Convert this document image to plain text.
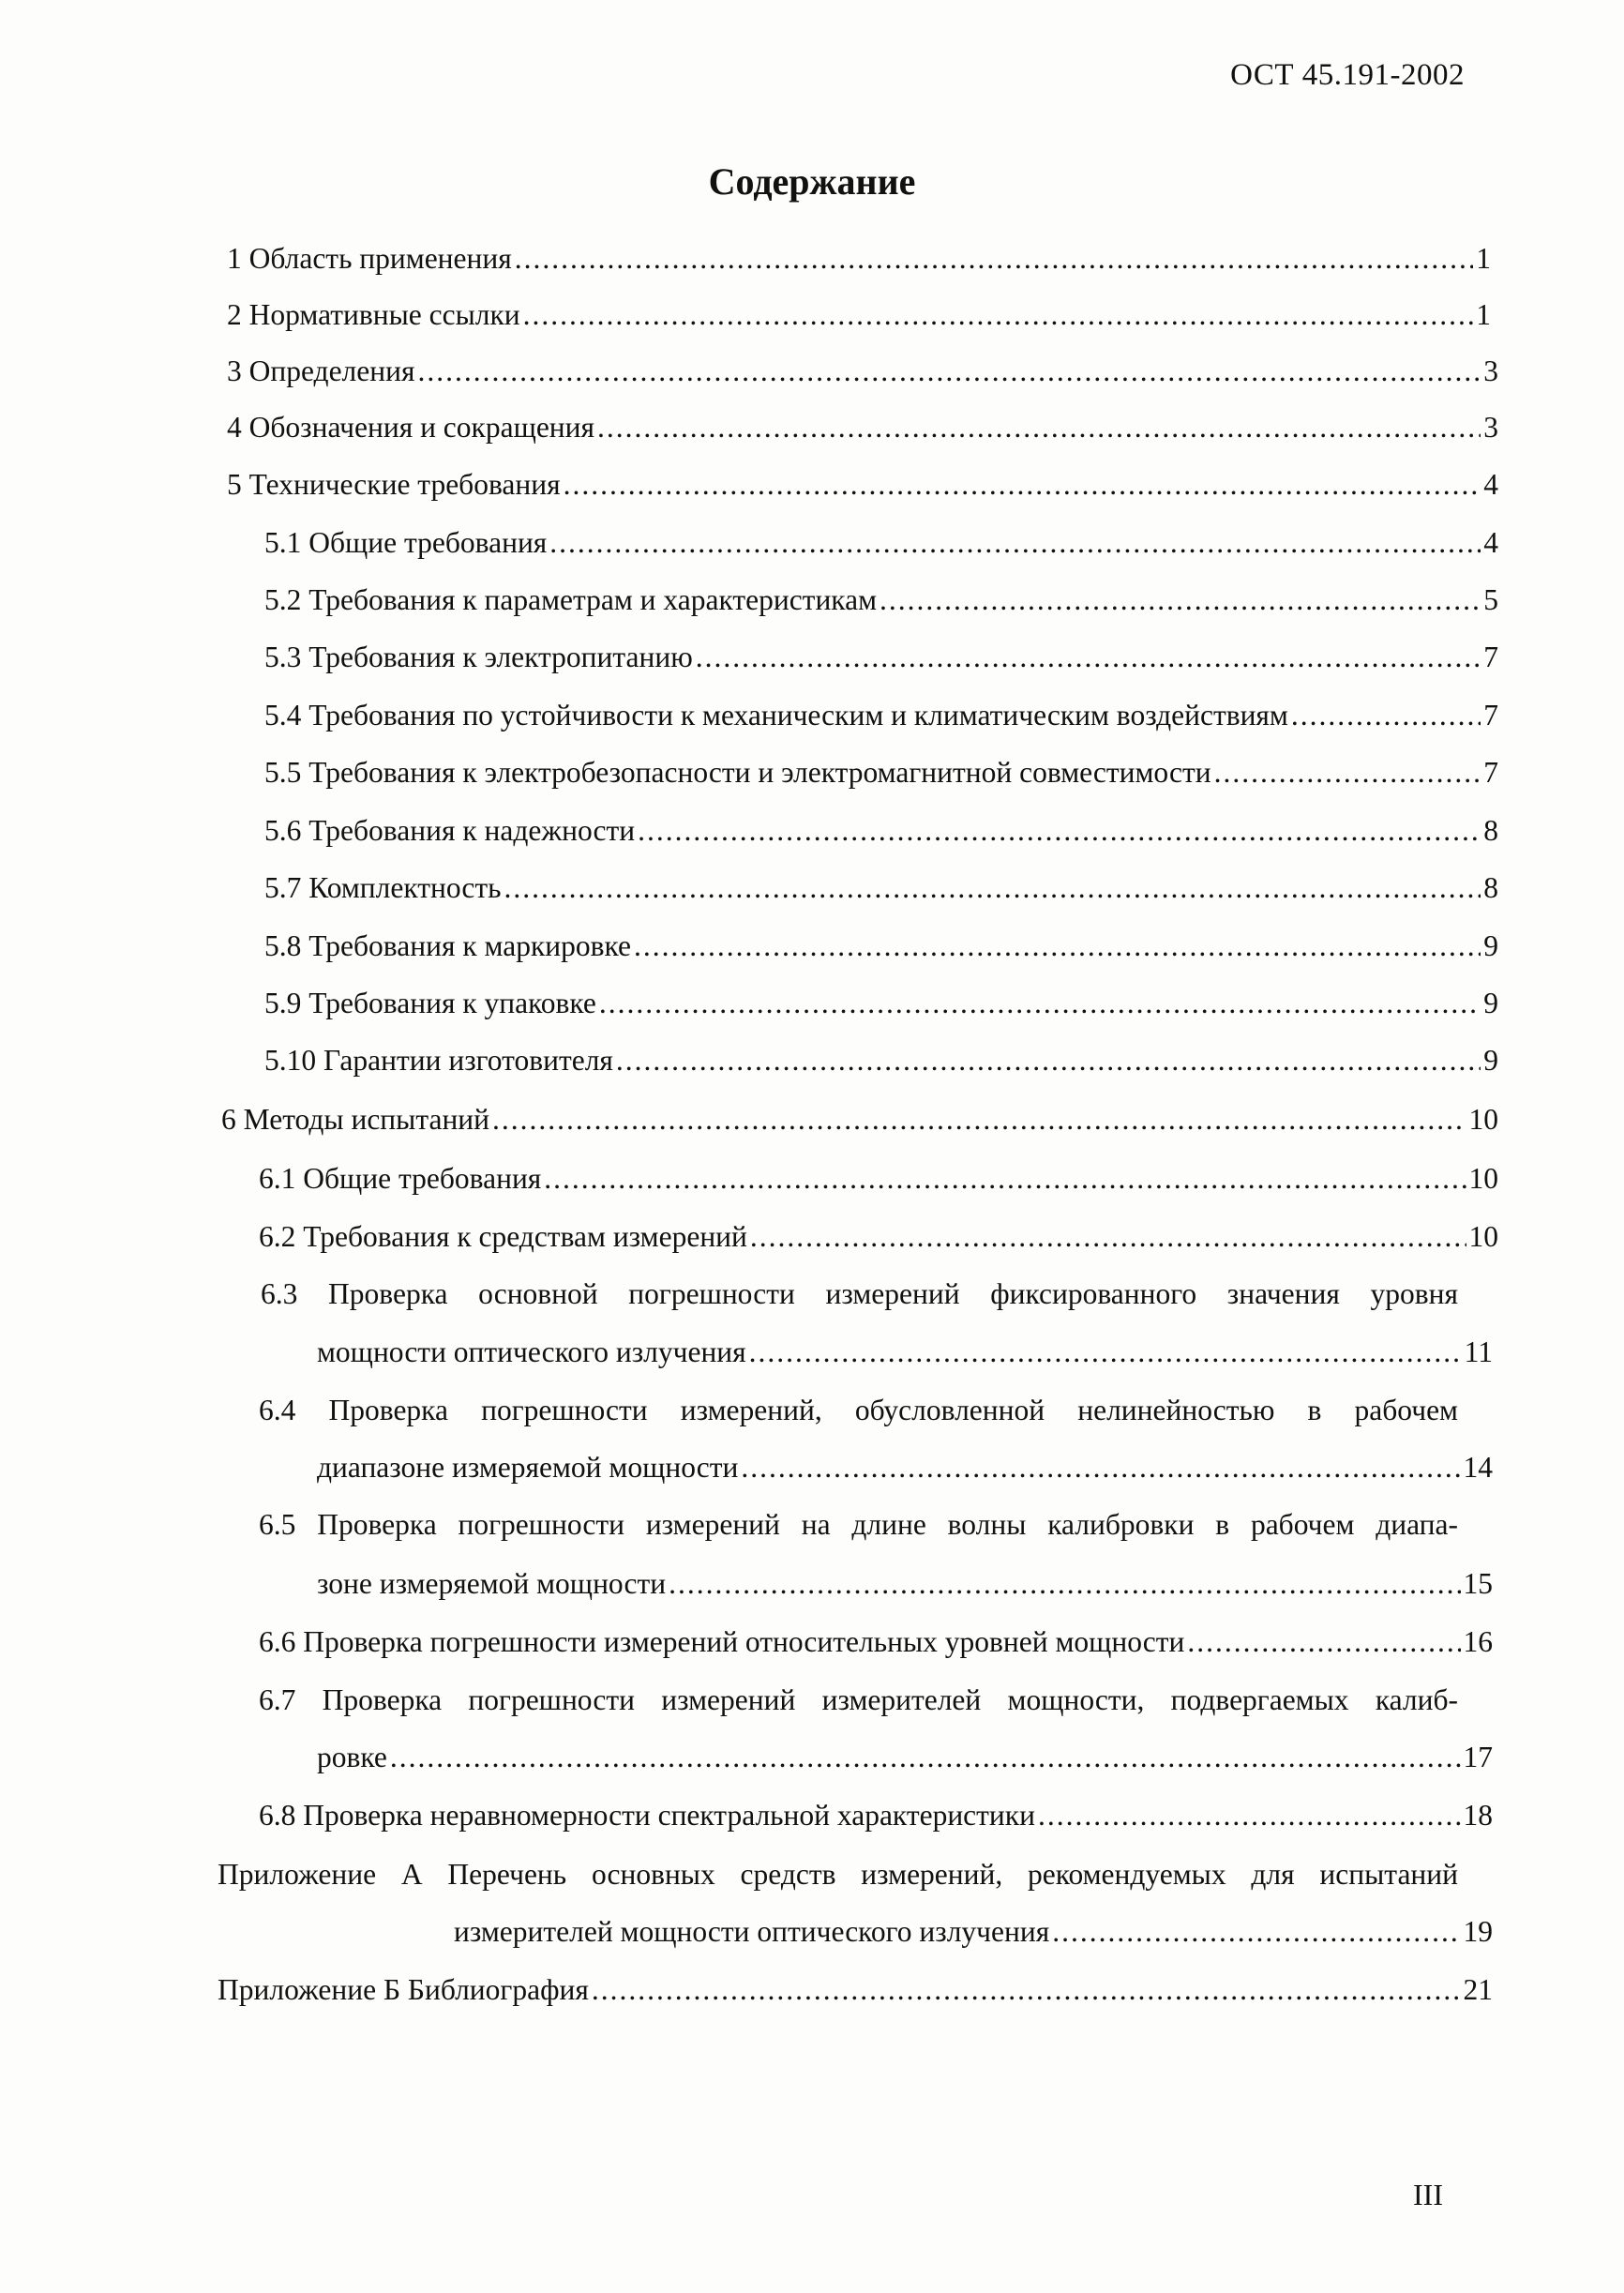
ОСТ 45.191-2002
Содержание
1 Область применения .....	1
2 Нормативные ссылки .....	1
3 Определения .....	3
4 Обозначения и сокращения .....	3
5 Технические требования .....	4
5.1 Общие требования .....	4
5.2 Требования к параметрам и характеристикам .....	5
5.3 Требования к электропитанию .....	7
5.4 Требования по устойчивости к механическим и климатическим воздействиям .....	7
5.5 Требования к электробезопасности и электромагнитной совместимости .....	7
5.6 Требования к надежности .....	8
5.7 Комплектность .....	8
5.8 Требования к маркировке .....	9
5.9 Требования к упаковке .....	9
5.10 Гарантии изготовителя .....	9
6 Методы испытаний .....	10
6.1 Общие требования .....	10
6.2 Требования к средствам измерений .....	10
6.3 Проверка основной погрешности измерений фиксированного значения уровня
мощности оптического излучения .....	11
6.4 Проверка погрешности измерений, обусловленной нелинейностью в рабочем
диапазоне измеряемой мощности .....	14
6.5 Проверка погрешности измерений на длине волны калибровки в рабочем диапа-
зоне измеряемой мощности .....	15
6.6 Проверка погрешности измерений относительных уровней мощности .....	16
6.7 Проверка погрешности измерений измерителей мощности, подвергаемых калиб-
ровке .....	17
6.8 Проверка неравномерности спектральной характеристики .....	18
Приложение А Перечень основных средств измерений, рекомендуемых для испытаний
измерителей мощности оптического излучения .....	19
Приложение Б Библиография .....	21
III
